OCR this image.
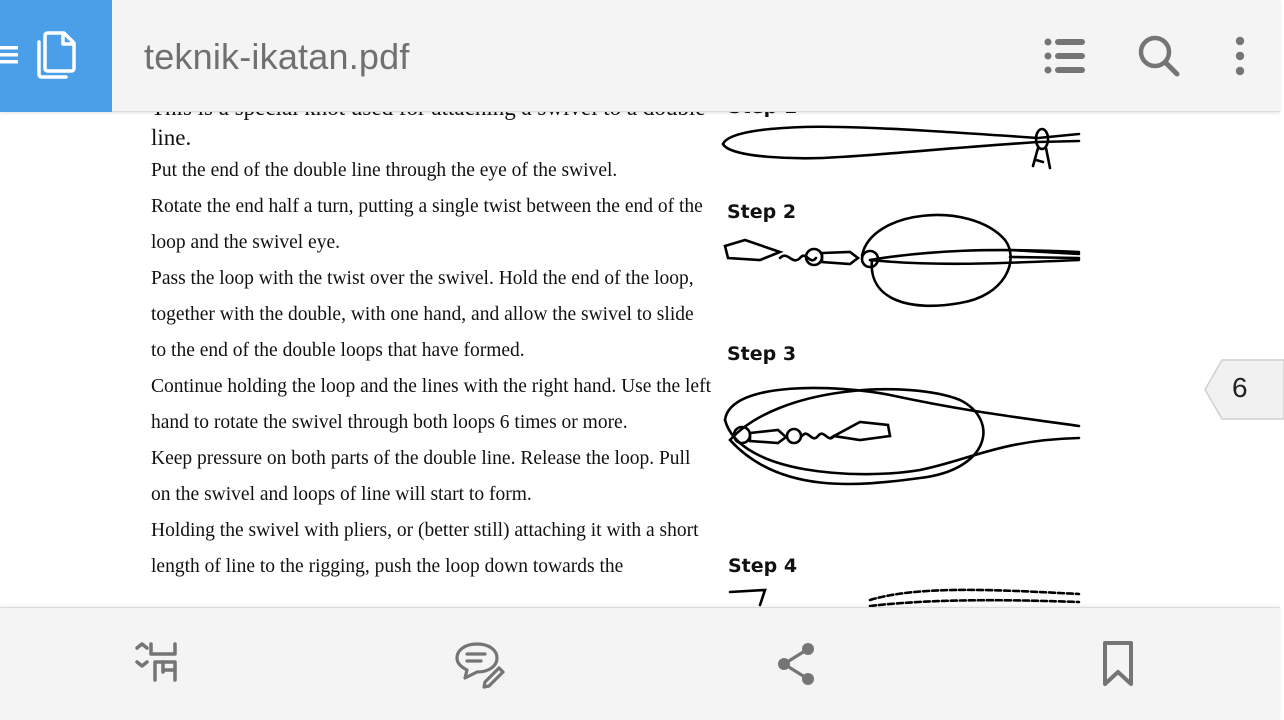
teknik-ikatan.pdf

line.

Put the end of the double line through the eye of the swivel.

Rotate the end half a turn, putting a single twist between the end of the loop and the swivel eye.

Pass the loop with the twist over the swivel. Hold the end of the loop, together with the double, with one hand, and allow the swivel to slide to the end of the double loops that have formed.

Continue holding the loop and the lines with the right hand. Use the left hand to rotate the swivel through both loops 6 times or more.

Keep pressure on both parts of the double line. Release the loop. Pull on the swivel and loops of line will start to form.

Holding the swivel with pliers, or (better still) attaching it with a short length of line to the rigging, push the loop down towards the

Step 2
Step 3
Step 4
6
